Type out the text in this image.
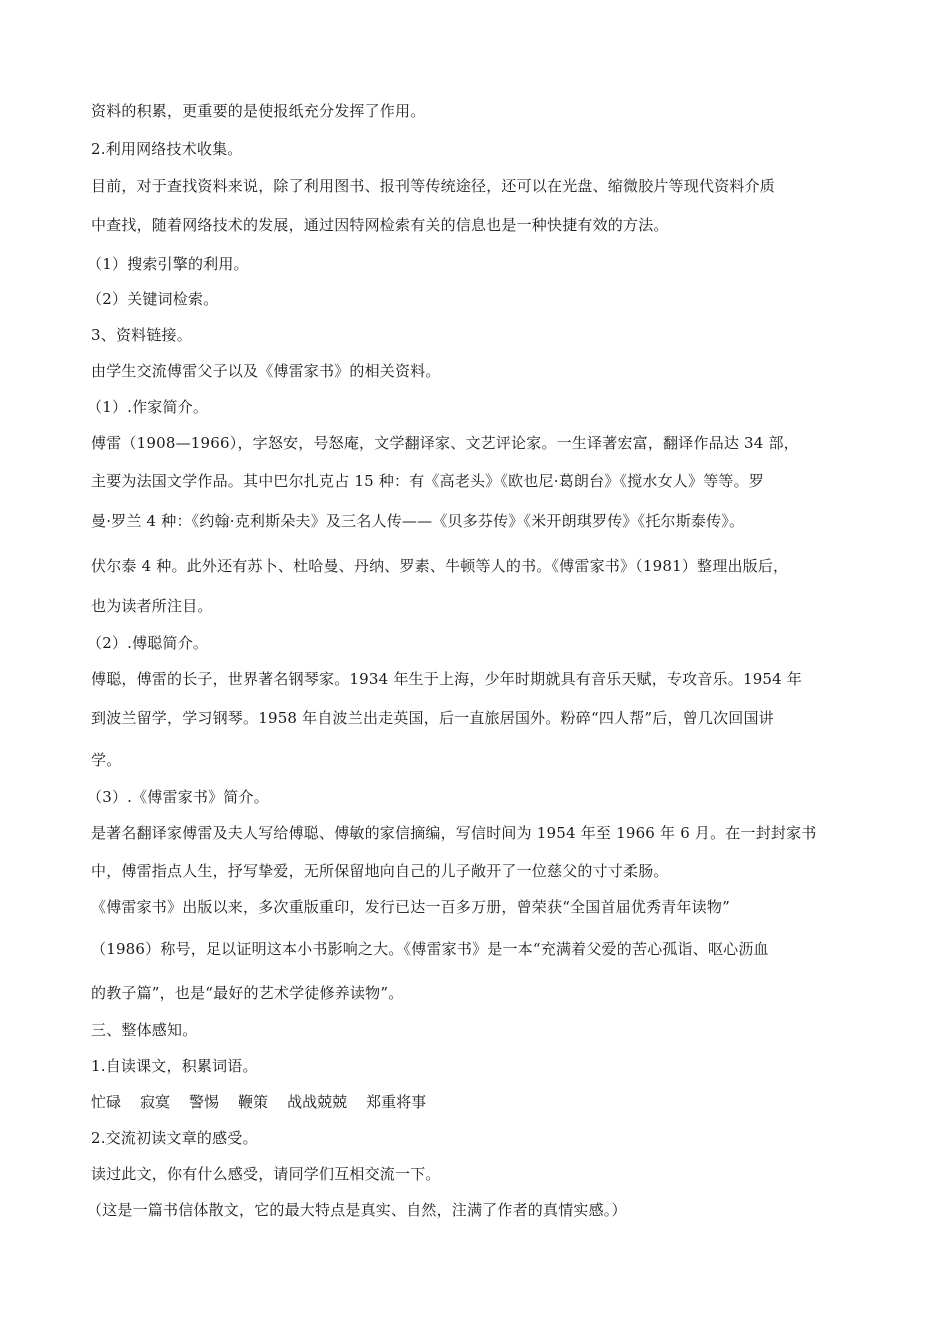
资料的积累，更重要的是使报纸充分发挥了作用。
2.利用网络技术收集。
目前，对于查找资料来说，除了利用图书、报刊等传统途径，还可以在光盘、缩微胶片等现代资料介质
中查找，随着网络技术的发展，通过因特网检索有关的信息也是一种快捷有效的方法。
（1）搜索引擎的利用。
（2）关键词检索。
3、资料链接。
由学生交流傅雷父子以及《傅雷家书》的相关资料。
（1）.作家简介。
傅雷（1908—1966），字怒安，号怒庵，文学翻译家、文艺评论家。一生译著宏富，翻译作品达 34 部，
主要为法国文学作品。其中巴尔扎克占 15 种：有《高老头》《欧也尼·葛朗台》《搅水女人》等等。罗
曼·罗兰 4 种：《约翰·克利斯朵夫》及三名人传——《贝多芬传》《米开朗琪罗传》《托尔斯泰传》。
伏尔泰 4 种。此外还有苏卜、杜哈曼、丹纳、罗素、牛顿等人的书。《傅雷家书》（1981）整理出版后，
也为读者所注目。
（2）.傅聪简介。
傅聪，傅雷的长子，世界著名钢琴家。1934 年生于上海，少年时期就具有音乐天赋，专攻音乐。1954 年
到波兰留学，学习钢琴。1958 年自波兰出走英国，后一直旅居国外。粉碎“四人帮”后，曾几次回国讲
学。
（3）.《傅雷家书》简介。
是著名翻译家傅雷及夫人写给傅聪、傅敏的家信摘编，写信时间为 1954 年至 1966 年 6 月。在一封封家书
中，傅雷指点人生，抒写挚爱，无所保留地向自己的儿子敞开了一位慈父的寸寸柔肠。
《傅雷家书》出版以来，多次重版重印，发行已达一百多万册，曾荣获“全国首届优秀青年读物”
（1986）称号，足以证明这本小书影响之大。《傅雷家书》是一本“充满着父爱的苦心孤诣、呕心沥血
的教子篇”，也是“最好的艺术学徒修养读物”。
三、整体感知。
1.自读课文，积累词语。
忙碌 寂寞 警惕 鞭策 战战兢兢 郑重将事
2.交流初读文章的感受。
读过此文，你有什么感受，请同学们互相交流一下。
（这是一篇书信体散文，它的最大特点是真实、自然，注满了作者的真情实感。）
